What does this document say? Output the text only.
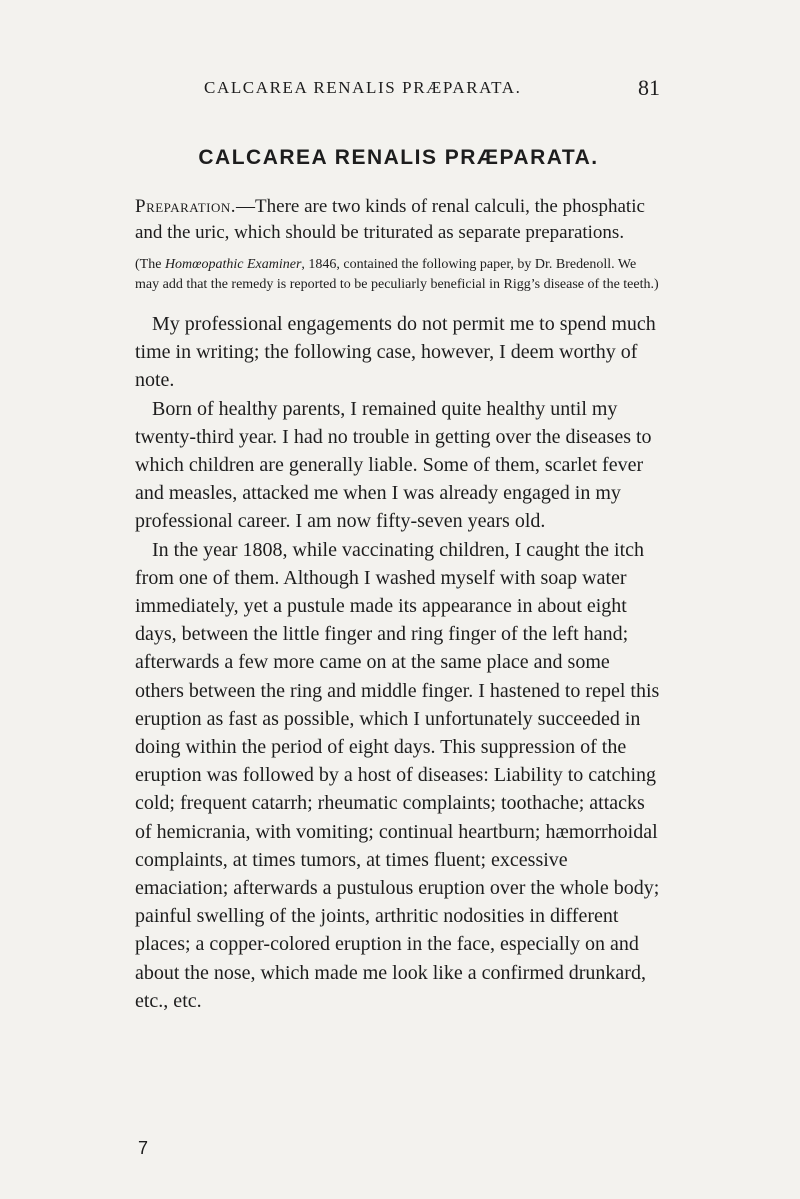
CALCAREA RENALIS PRÆPARATA.	81
CALCAREA RENALIS PRÆPARATA.

Preparation.—There are two kinds of renal calculi, the phosphatic and the uric, which should be triturated as separate preparations.

(The Homœopathic Examiner, 1846, contained the following paper, by Dr. Bredenoll. We may add that the remedy is reported to be peculiarly beneficial in Rigg’s disease of the teeth.)

My professional engagements do not permit me to spend much time in writing; the following case, however, I deem worthy of note.

Born of healthy parents, I remained quite healthy until my twenty-third year. I had no trouble in getting over the diseases to which children are generally liable. Some of them, scarlet fever and measles, attacked me when I was already engaged in my professional career. I am now fifty-seven years old.

In the year 1808, while vaccinating children, I caught the itch from one of them. Although I washed myself with soap water immediately, yet a pustule made its appearance in about eight days, between the little finger and ring finger of the left hand; afterwards a few more came on at the same place and some others between the ring and middle finger. I hastened to repel this eruption as fast as possible, which I unfortunately succeeded in doing within the period of eight days. This suppression of the eruption was followed by a host of diseases: Liability to catching cold; frequent catarrh; rheumatic complaints; toothache; attacks of hemicrania, with vomiting; continual heartburn; hæmorrhoidal complaints, at times tumors, at times fluent; excessive emaciation; afterwards a pustulous eruption over the whole body; painful swelling of the joints, arthritic nodosities in different places; a copper-colored eruption in the face, especially on and about the nose, which made me look like a confirmed drunkard, etc., etc.

7
